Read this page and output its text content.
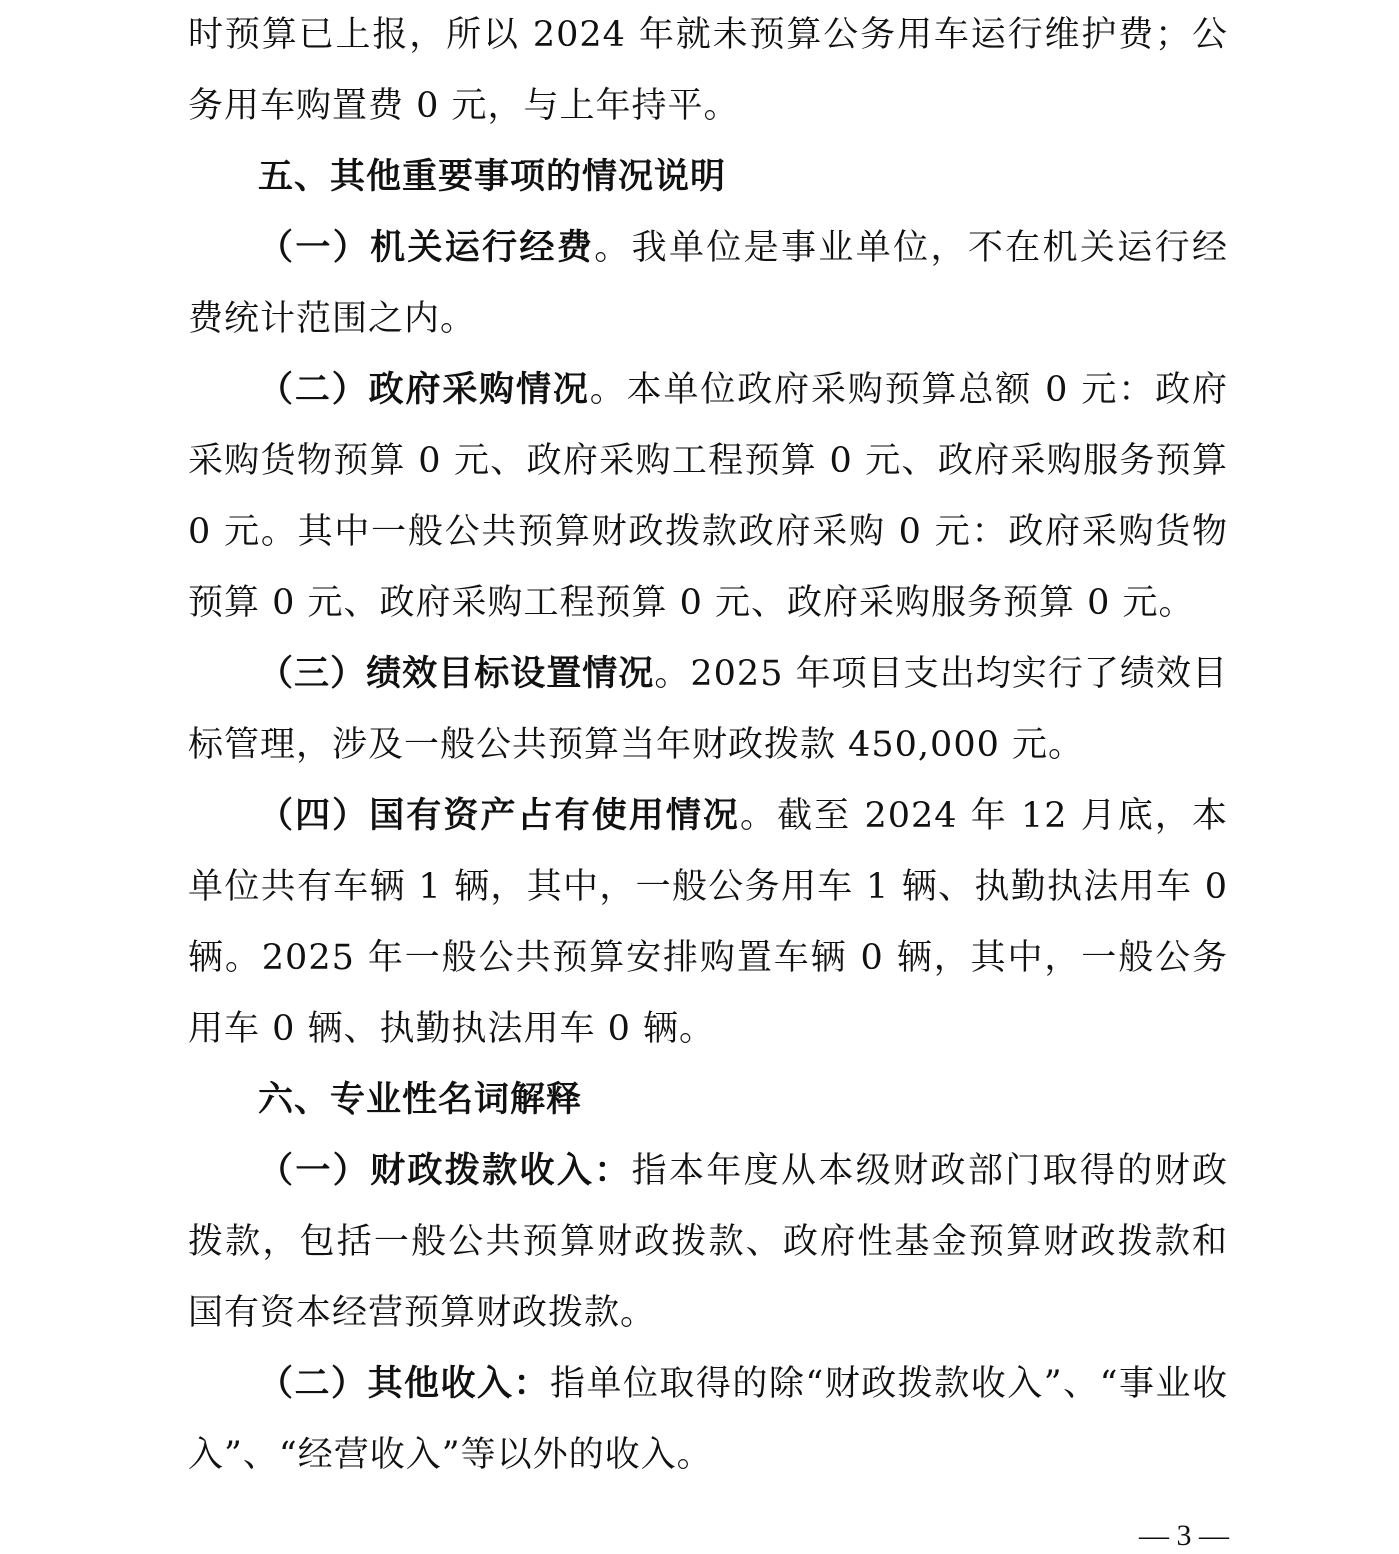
时预算已上报，所以 2024 年就未预算公务用车运行维护费；公务用车购置费 0 元，与上年持平。

五、其他重要事项的情况说明

（一）机关运行经费。我单位是事业单位，不在机关运行经费统计范围之内。

（二）政府采购情况。本单位政府采购预算总额 0 元：政府采购货物预算 0 元、政府采购工程预算 0 元、政府采购服务预算 0 元。其中一般公共预算财政拨款政府采购 0 元：政府采购货物预算 0 元、政府采购工程预算 0 元、政府采购服务预算 0 元。

（三）绩效目标设置情况。2025 年项目支出均实行了绩效目标管理，涉及一般公共预算当年财政拨款 450,000 元。

（四）国有资产占有使用情况。截至 2024 年 12 月底，本单位共有车辆 1 辆，其中，一般公务用车 1 辆、执勤执法用车 0 辆。2025 年一般公共预算安排购置车辆 0 辆，其中，一般公务用车 0 辆、执勤执法用车 0 辆。

六、专业性名词解释

（一）财政拨款收入：指本年度从本级财政部门取得的财政拨款，包括一般公共预算财政拨款、政府性基金预算财政拨款和国有资本经营预算财政拨款。

（二）其他收入：指单位取得的除“财政拨款收入”、“事业收入”、“经营收入”等以外的收入。

— 3 —
